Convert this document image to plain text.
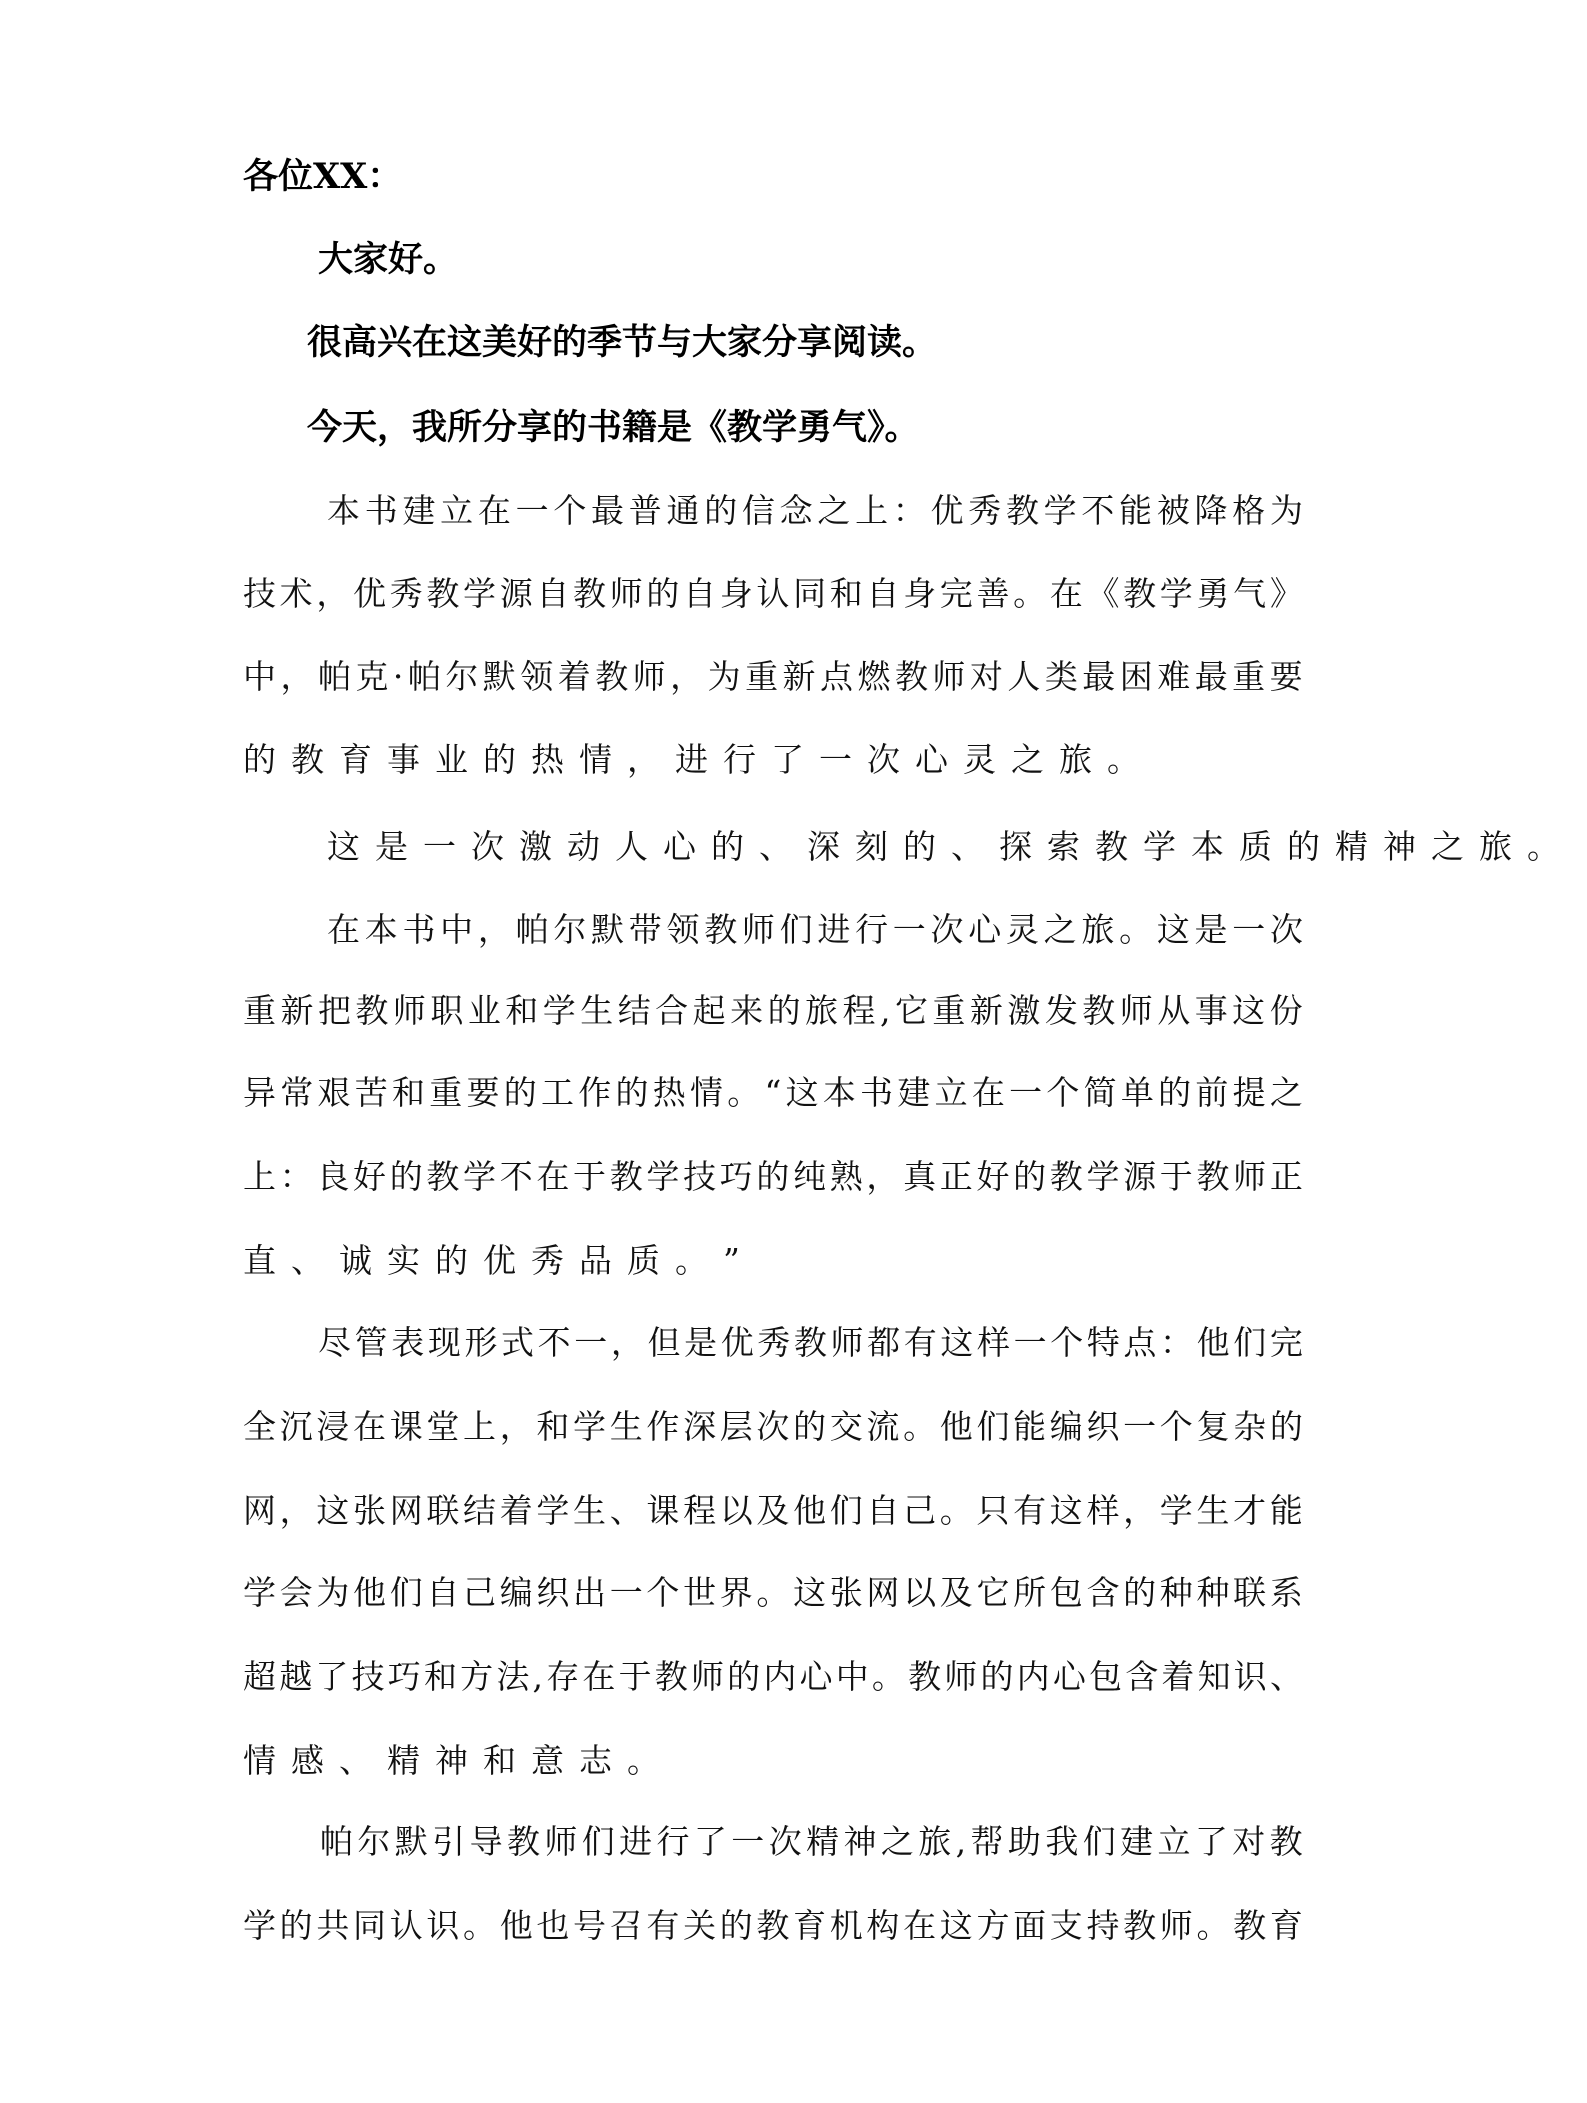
各位XX：
大家好。
很高兴在这美好的季节与大家分享阅读。
今天，我所分享的书籍是《教学勇气》。
本 书 建 立 在 一 个 最 普 通 的 信 念 之 上 ： 优 秀 教 学 不 能 被 降 格 为
技 术 ， 优 秀 教 学 源 自 教 师 的 自 身 认 同 和 自 身 完 善 。 在 《 教 学 勇 气 》
中 ， 帕 克 · 帕 尔 默 领 着 教 师 ， 为 重 新 点 燃 教 师 对 人 类 最 困 难 最 重 要
的 教 育 事 业 的 热 情 ， 进 行 了 一 次 心 灵 之 旅 。
这 是 一 次 激 动 人 心 的 、 深 刻 的 、 探 索 教 学 本 质 的 精 神 之 旅 。
在 本 书 中 ， 帕 尔 默 带 领 教 师 们 进 行 一 次 心 灵 之 旅 。 这 是 一 次
重 新 把 教 师 职 业 和 学 生 结 合 起 来 的 旅 程 , 它 重 新 激 发 教 师 从 事 这 份
异 常 艰 苦 和 重 要 的 工 作 的 热 情 。 “ 这 本 书 建 立 在 一 个 简 单 的 前 提 之
上 ： 良 好 的 教 学 不 在 于 教 学 技 巧 的 纯 熟 ， 真 正 好 的 教 学 源 于 教 师 正
直 、 诚 实 的 优 秀 品 质 。 ”
尽 管 表 现 形 式 不 一 ， 但 是 优 秀 教 师 都 有 这 样 一 个 特 点 ： 他 们 完
全 沉 浸 在 课 堂 上 ， 和 学 生 作 深 层 次 的 交 流 。 他 们 能 编 织 一 个 复 杂 的
网 ， 这 张 网 联 结 着 学 生 、 课 程 以 及 他 们 自 己 。 只 有 这 样 ， 学 生 才 能
学 会 为 他 们 自 己 编 织 出 一 个 世 界 。 这 张 网 以 及 它 所 包 含 的 种 种 联 系
超 越 了 技 巧 和 方 法 , 存 在 于 教 师 的 内 心 中 。 教 师 的 内 心 包 含 着 知 识 、
情 感 、 精 神 和 意 志 。
帕 尔 默 引 导 教 师 们 进 行 了 一 次 精 神 之 旅 , 帮 助 我 们 建 立 了 对 教
学 的 共 同 认 识 。 他 也 号 召 有 关 的 教 育 机 构 在 这 方 面 支 持 教 师 。 教 育
